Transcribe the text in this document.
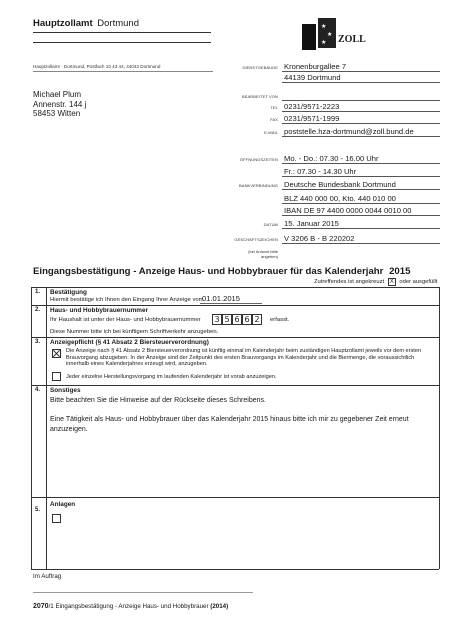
Hauptzollamt Dortmund	★
★
★ ZOLL
Hauptzollamt · Dortmund, Postfach 10 43 44, 44043 Dortmund
Michael Plum
Annenstr. 144 j
58453 Witten
DIENSTGEBÄUDE Kronenburgallee 7
44139 Dortmund
BEARBEITET VON
TEL 0231/9571-2223
FAX 0231/9571-1999
E-MAIL poststelle.hza-dortmund@zoll.bund.de
ÖFFNUNGSZEITEN Mo. - Do.: 07.30 - 16.00 Uhr
Fr.: 07.30 - 14.30 Uhr
BANKVERBINDUNG Deutsche Bundesbank Dortmund
BLZ 440 000 00, Kto. 440 010 00
IBAN DE 97 4400 0000 0044 0010 00
DATUM 15. Januar 2015
GESCHÄFTSZEICHEN V 3206 B - B 220202
(bei Antwort bitte angeben)
Eingangsbestätigung - Anzeige Haus- und Hobbybrauer für das Kalenderjahr 2015
Zutreffendes ist angekreuzt X oder ausgefüllt
1. Bestätigung
Hiermit bestätige ich Ihnen den Eingang Ihrer Anzeige vom
01.01.2015
2. Haus- und Hobbybrauernummer
Ihr Haushalt ist unter der Haus- und Hobbybrauernummer	3 5 6 6 2	erfasst.
Diese Nummer bitte ich bei künftigem Schriftverkehr anzugeben.
3. Anzeigepflicht (§ 41 Absatz 2 Biersteuerverordnung)
Die Anzeige nach § 41 Absatz 2 Biersteuerverordnung ist künftig einmal im Kalenderjahr beim zuständigen Hauptzollamt jeweils vor dem ersten Brauvorgang abzugeben. In der Anzeige sind der Zeitpunkt des ersten Brauvorgangs im Kalenderjahr und die Biermenge, die voraussichtlich innerhalb eines Kalenderjahres erzeugt wird, anzugeben.
Jeder einzelne Herstellungsvorgang im laufenden Kalenderjahr ist vorab anzuzeigen.
4. Sonstiges
Bitte beachten Sie die Hinweise auf der Rückseite dieses Schreibens.
Eine Tätigkeit als Haus- und Hobbybrauer über das Kalenderjahr 2015 hinaus bitte ich mir zu gegebener Zeit erneut anzuzeigen.
5.
Anlagen
Im Auftrag
2070/1 Eingangsbestätigung - Anzeige Haus- und Hobbybrauer (2014)
